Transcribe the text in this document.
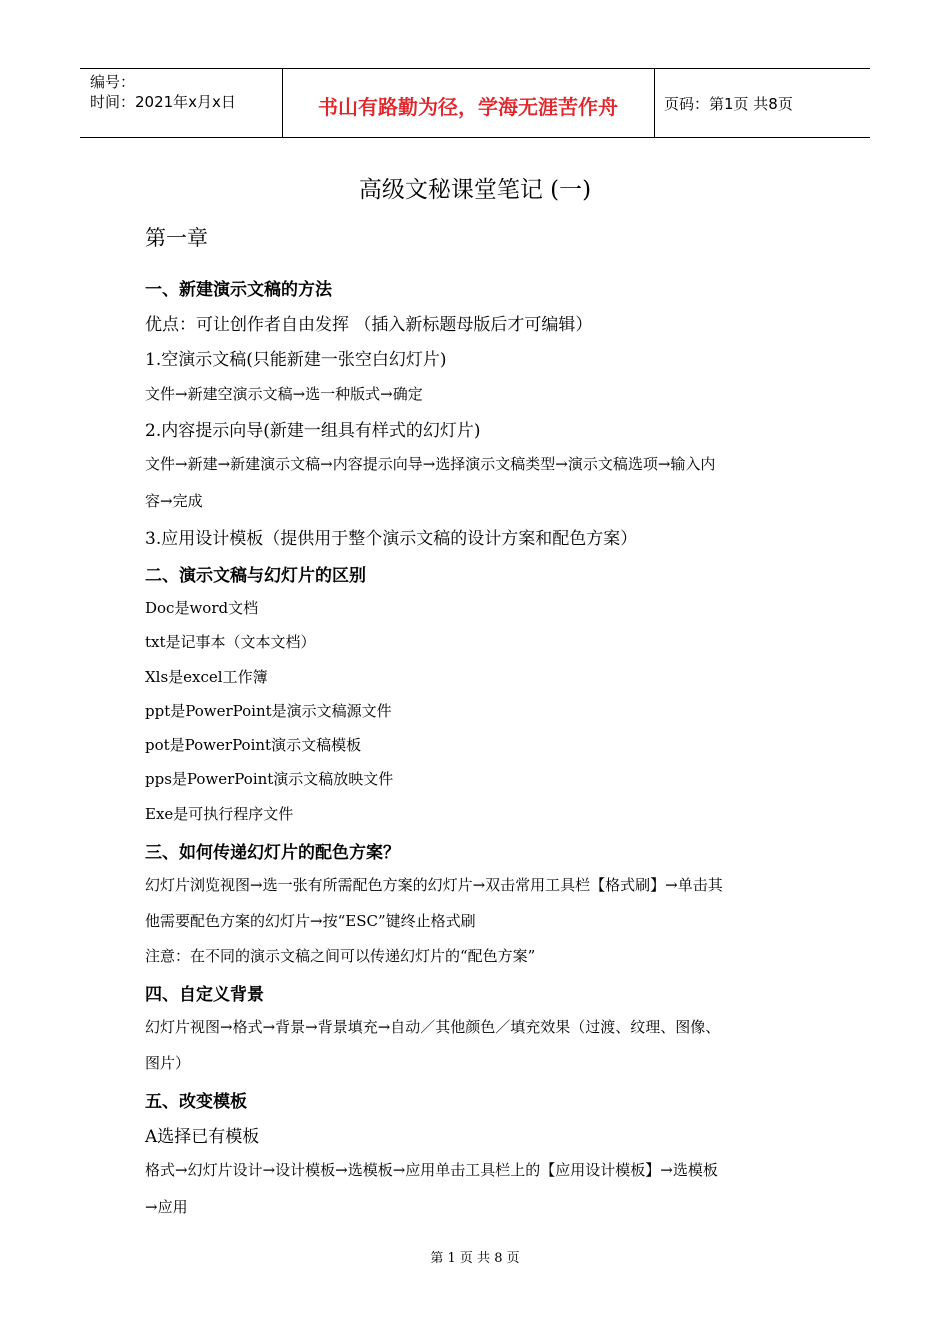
编号：
时间：2021年x月x日	书山有路勤为径，学海无涯苦作舟	页码：第1页 共8页
高级文秘课堂笔记 (一)
第一章
一、新建演示文稿的方法
优点：可让创作者自由发挥 （插入新标题母版后才可编辑）
1.空演示文稿(只能新建一张空白幻灯片)
文件→新建空演示文稿→选一种版式→确定
2.内容提示向导(新建一组具有样式的幻灯片)
文件→新建→新建演示文稿→内容提示向导→选择演示文稿类型→演示文稿选项→输入内
容→完成
3.应用设计模板（提供用于整个演示文稿的设计方案和配色方案）
二、演示文稿与幻灯片的区别
Doc是word文档
txt是记事本（文本文档）
Xls是excel工作簿
ppt是PowerPoint是演示文稿源文件
pot是PowerPoint演示文稿模板
pps是PowerPoint演示文稿放映文件
Exe是可执行程序文件
三、如何传递幻灯片的配色方案？
幻灯片浏览视图→选一张有所需配色方案的幻灯片→双击常用工具栏【格式刷】→单击其
他需要配色方案的幻灯片→按“ESC”键终止格式刷
注意：在不同的演示文稿之间可以传递幻灯片的“配色方案”
四、自定义背景
幻灯片视图→格式→背景→背景填充→自动／其他颜色／填充效果（过渡、纹理、图像、
图片）
五、改变模板
A选择已有模板
格式→幻灯片设计→设计模板→选模板→应用单击工具栏上的【应用设计模板】→选模板
→应用
第 1 页 共 8 页
